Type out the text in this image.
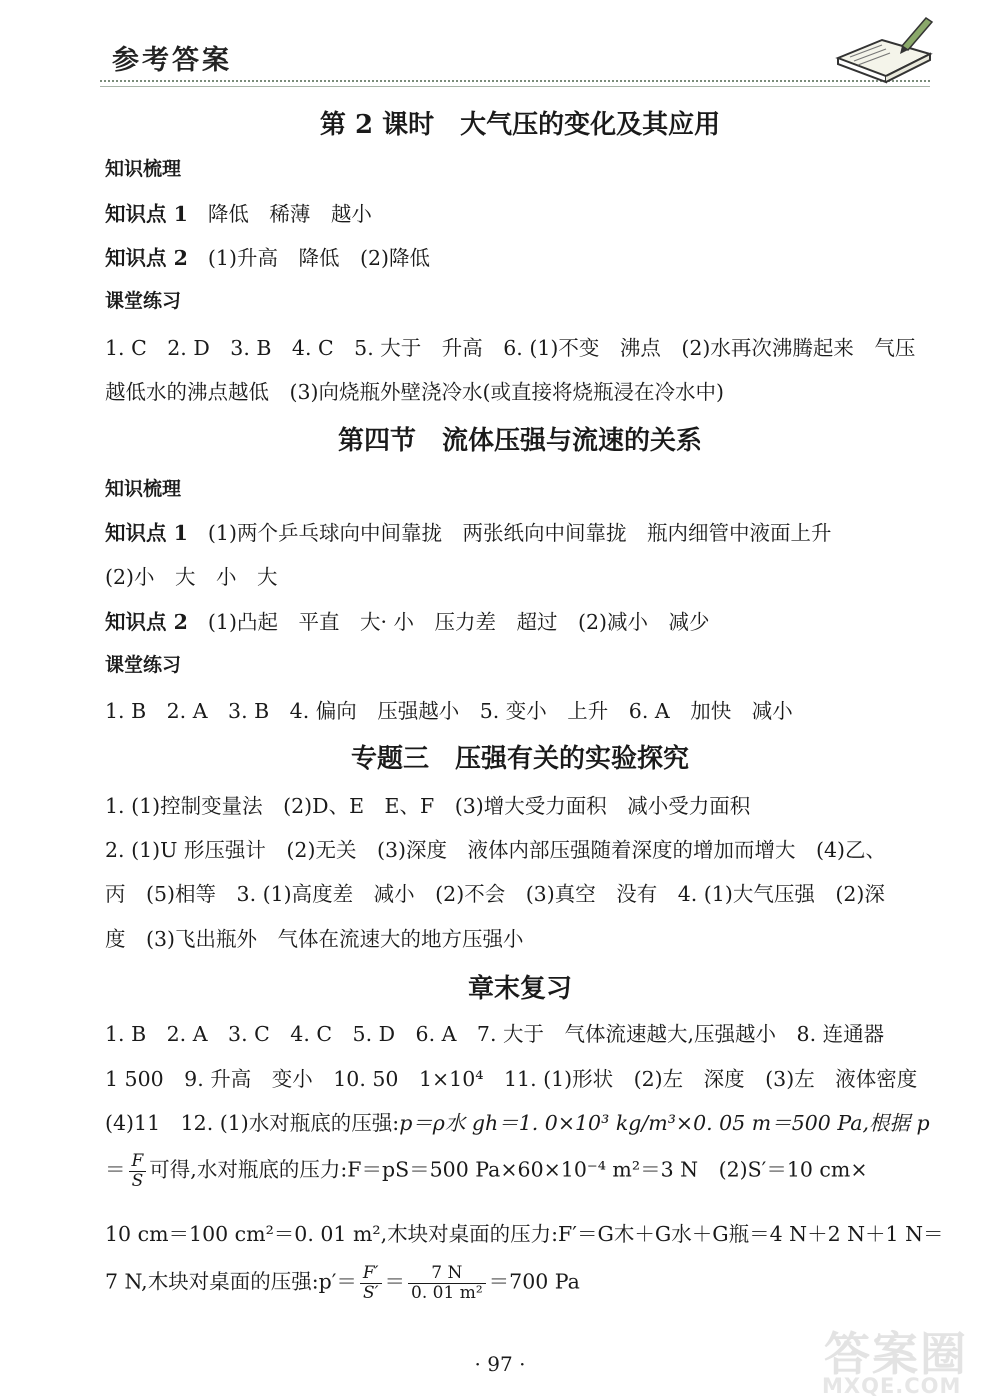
参考答案
第 2 课时　大气压的变化及其应用
知识梳理
知识点 1 降低　稀薄　越小
知识点 2 (1)升高　降低　(2)降低
课堂练习
1. C　2. D　3. B　4. C　5. 大于　升高　6. (1)不变　沸点　(2)水再次沸腾起来　气压
越低水的沸点越低　(3)向烧瓶外壁浇冷水(或直接将烧瓶浸在冷水中)
第四节　流体压强与流速的关系
知识梳理
知识点 1 (1)两个乒乓球向中间靠拢　两张纸向中间靠拢　瓶内细管中液面上升
(2)小　大　小　大
知识点 2 (1)凸起　平直　大· 小　压力差　超过　(2)减小　减少
课堂练习
1. B　2. A　3. B　4. 偏向　压强越小　5. 变小　上升　6. A　加快　减小
专题三　压强有关的实验探究
1. (1)控制变量法　(2)D、E　E、F　(3)增大受力面积　减小受力面积
2. (1)U 形压强计　(2)无关　(3)深度　液体内部压强随着深度的增加而增大　(4)乙、
丙　(5)相等　3. (1)高度差　减小　(2)不会　(3)真空　没有　4. (1)大气压强　(2)深
度　(3)飞出瓶外　气体在流速大的地方压强小
章末复习
1. B　2. A　3. C　4. C　5. D　6. A　7. 大于　气体流速越大,压强越小　8. 连通器
1 500　9. 升高　变小　10. 50　1×10⁴　11. (1)形状　(2)左　深度　(3)左　液体密度
(4)11　12. (1)水对瓶底的压强:p＝ρ水 gh＝1. 0×10³ kg/m³×0. 05 m＝500 Pa,根据 p
＝ $\frac{F}{S}$ 可得,水对瓶底的压力:F＝pS＝500 Pa×60×10⁻⁴ m²＝3 N　(2)S′＝10 cm×
10 cm＝100 cm²＝0. 01 m²,木块对桌面的压力:F′＝G木＋G水＋G瓶＝4 N＋2 N＋1 N＝
7 N,木块对桌面的压强:p′＝ $\frac{F'}{S'} = \frac{7 N}{\text{0. 01 m²}} =700$ Pa
· 97 ·	答案圈
MXQE.COM
